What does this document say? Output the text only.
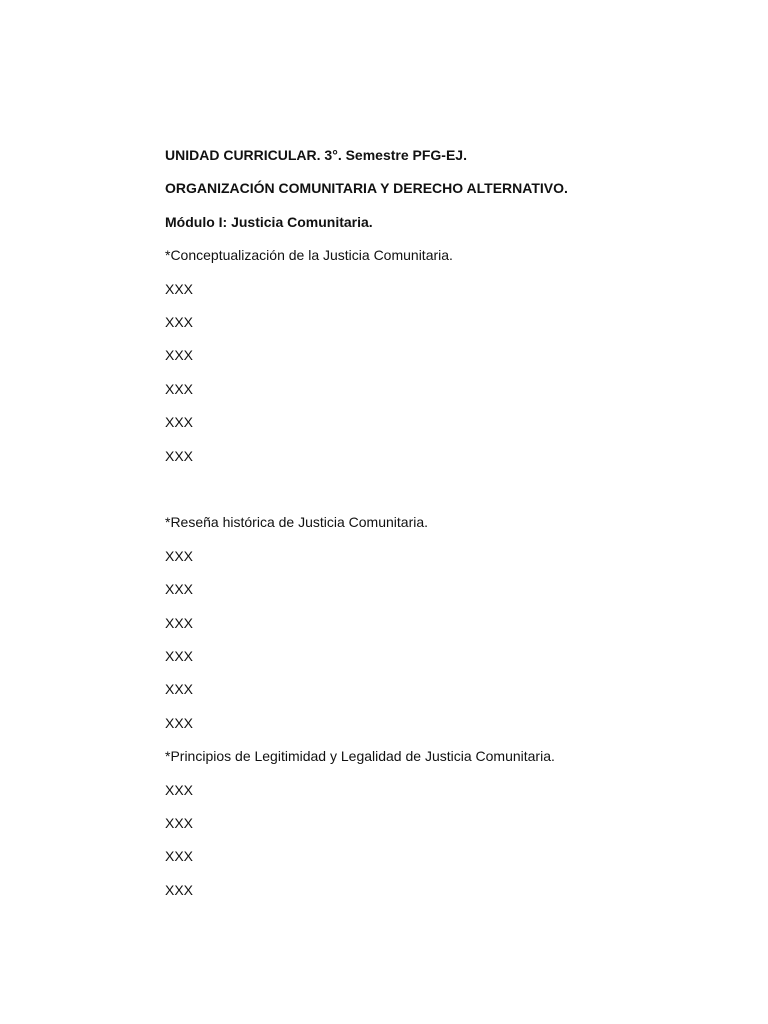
UNIDAD CURRICULAR. 3°. Semestre PFG-EJ.
ORGANIZACIÓN COMUNITARIA Y DERECHO ALTERNATIVO.
Módulo I: Justicia Comunitaria.
*Conceptualización de la Justicia Comunitaria.
XXX
XXX
XXX
XXX
XXX
XXX
*Reseña histórica de Justicia Comunitaria.
XXX
XXX
XXX
XXX
XXX
XXX
*Principios de Legitimidad y Legalidad de Justicia Comunitaria.
XXX
XXX
XXX
XXX
